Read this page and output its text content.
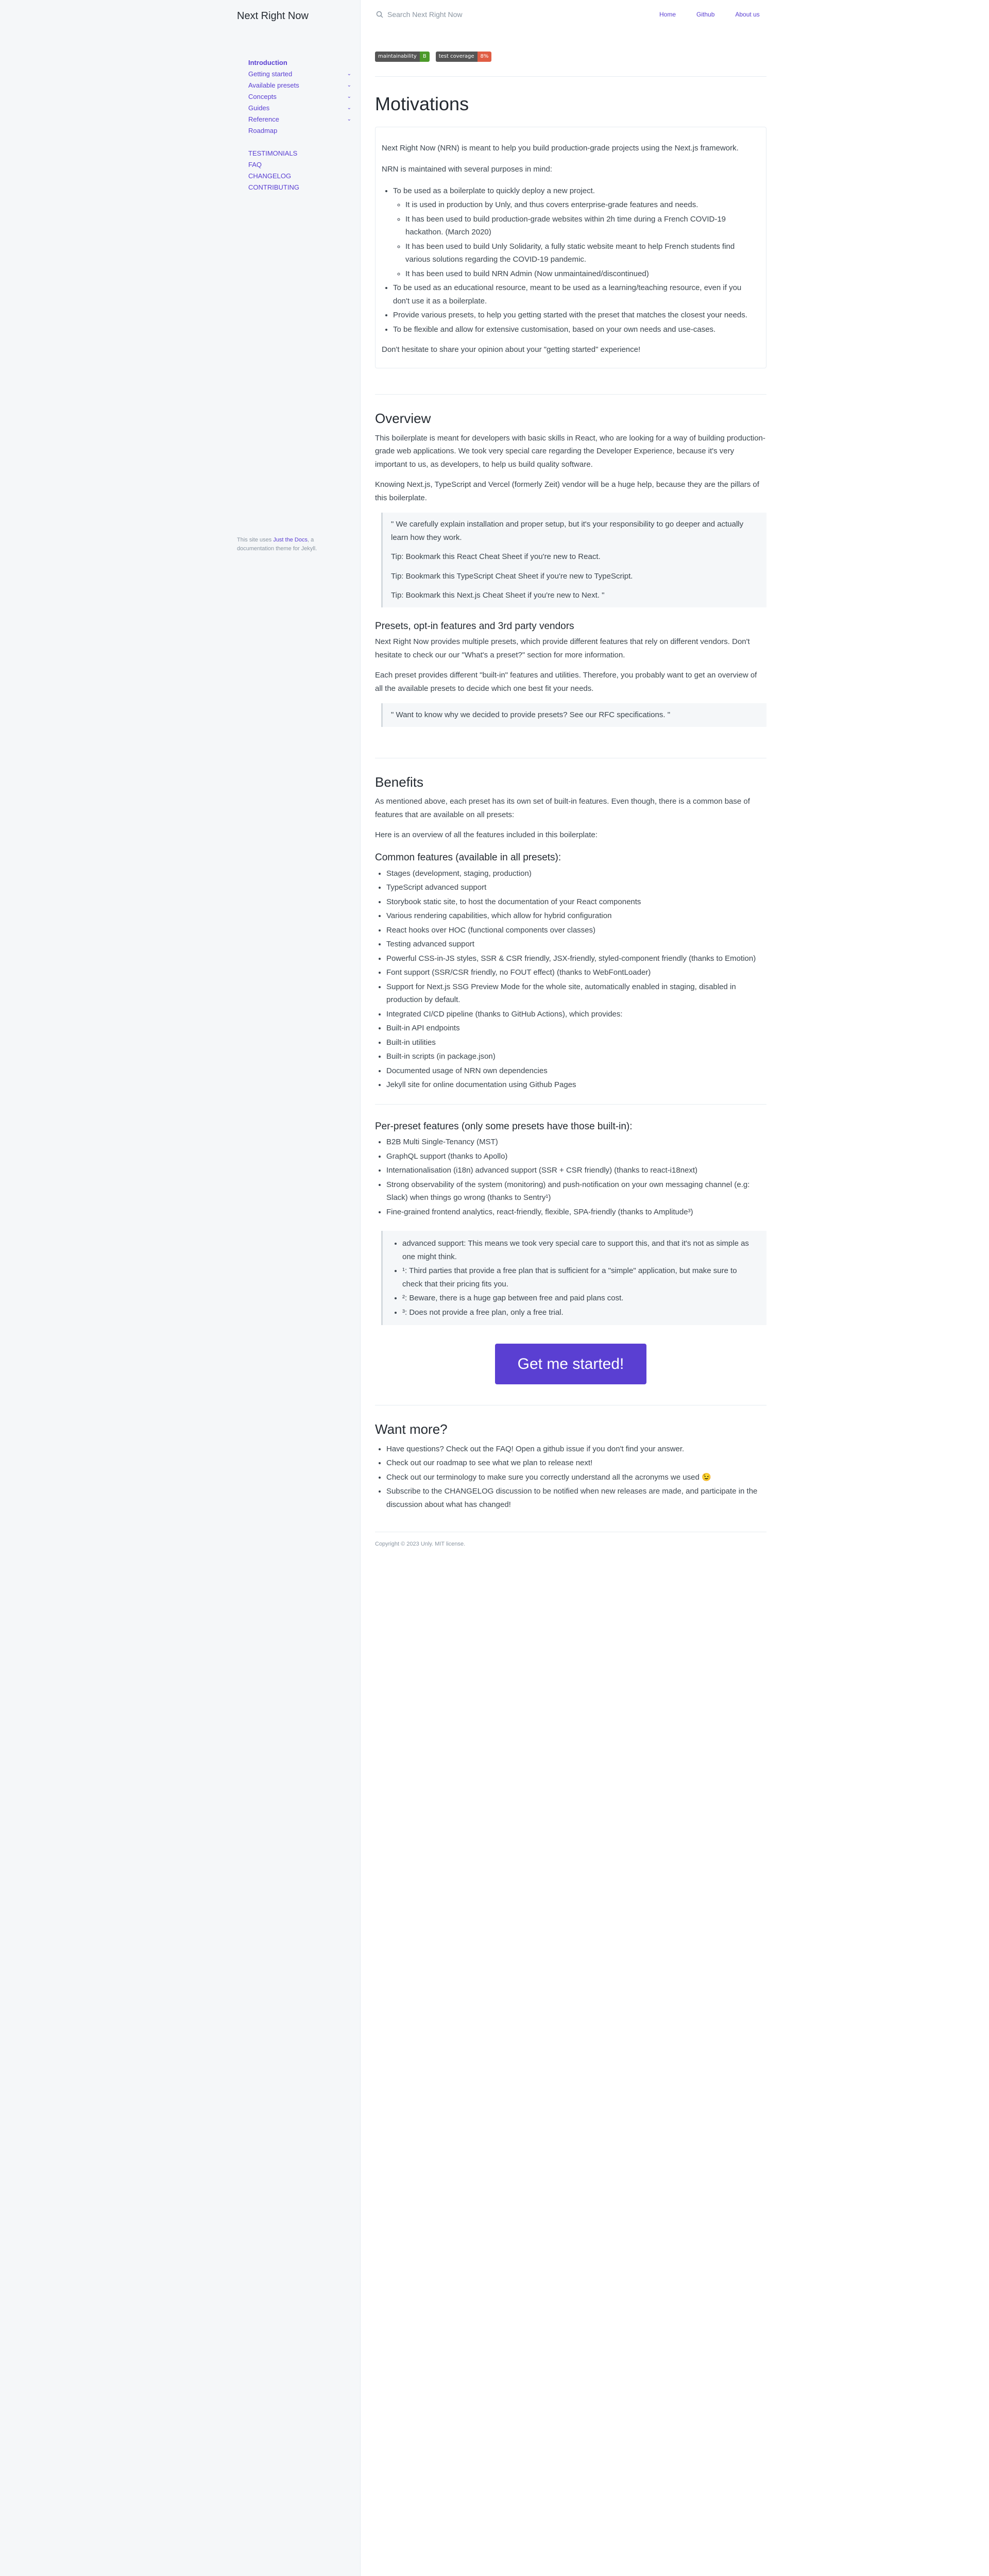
Next Right Now
Introduction
Getting started	⌄
Available presets	⌄
Concepts	⌄
Guides	⌄
Reference	⌄
Roadmap
TESTIMONIALS
FAQ
CHANGELOG
CONTRIBUTING
This site uses Just the Docs, a documentation theme for Jekyll.
Search Next Right Now
Home	Github	About us
maintainability	B	test coverage	8%
Motivations

Next Right Now (NRN) is meant to help you build production-grade projects using the Next.js framework.

NRN is maintained with several purposes in mind:

• To be used as a boilerplate to quickly deploy a new project.
◦ It is used in production by Unly, and thus covers enterprise-grade features and needs.
◦ It has been used to build production-grade websites within 2h time during a French COVID-19 hackathon. (March 2020)
◦ It has been used to build Unly Solidarity, a fully static website meant to help French students find various solutions regarding the COVID-19 pandemic.
◦ It has been used to build NRN Admin (Now unmaintained/discontinued)
• To be used as an educational resource, meant to be used as a learning/teaching resource, even if you don't use it as a boilerplate.
• Provide various presets, to help you getting started with the preset that matches the closest your needs.
• To be flexible and allow for extensive customisation, based on your own needs and use-cases.

Don't hesitate to share your opinion about your "getting started" experience!

Overview

This boilerplate is meant for developers with basic skills in React, who are looking for a way of building production-grade web applications. We took very special care regarding the Developer Experience, because it's very important to us, as developers, to help us build quality software.

Knowing Next.js, TypeScript and Vercel (formerly Zeit) vendor will be a huge help, because they are the pillars of this boilerplate.

" We carefully explain installation and proper setup, but it's your responsibility to go deeper and actually learn how they work.

Tip: Bookmark this React Cheat Sheet if you're new to React.

Tip: Bookmark this TypeScript Cheat Sheet if you're new to TypeScript.

Tip: Bookmark this Next.js Cheat Sheet if you're new to Next. "

Presets, opt-in features and 3rd party vendors

Next Right Now provides multiple presets, which provide different features that rely on different vendors. Don't hesitate to check our our "What's a preset?" section for more information.

Each preset provides different "built-in" features and utilities. Therefore, you probably want to get an overview of all the available presets to decide which one best fit your needs.

" Want to know why we decided to provide presets? See our RFC specifications. "

Benefits

As mentioned above, each preset has its own set of built-in features. Even though, there is a common base of features that are available on all presets:

Here is an overview of all the features included in this boilerplate:

Common features (available in all presets):
• Stages (development, staging, production)
• TypeScript advanced support
• Storybook static site, to host the documentation of your React components
• Various rendering capabilities, which allow for hybrid configuration
• React hooks over HOC (functional components over classes)
• Testing advanced support
• Powerful CSS-in-JS styles, SSR & CSR friendly, JSX-friendly, styled-component friendly (thanks to Emotion)
• Font support (SSR/CSR friendly, no FOUT effect) (thanks to WebFontLoader)
• Support for Next.js SSG Preview Mode for the whole site, automatically enabled in staging, disabled in production by default.
• Integrated CI/CD pipeline (thanks to GitHub Actions), which provides:
• Built-in API endpoints
• Built-in utilities
• Built-in scripts (in package.json)
• Documented usage of NRN own dependencies
• Jekyll site for online documentation using Github Pages
Per-preset features (only some presets have those built-in):
• B2B Multi Single-Tenancy (MST)
• GraphQL support (thanks to Apollo)
• Internationalisation (i18n) advanced support (SSR + CSR friendly) (thanks to react-i18next)
• Strong observability of the system (monitoring) and push-notification on your own messaging channel (e.g: Slack) when things go wrong (thanks to Sentry¹)
• Fine-grained frontend analytics, react-friendly, flexible, SPA-friendly (thanks to Amplitude³)
• advanced support: This means we took very special care to support this, and that it's not as simple as one might think.
• ¹: Third parties that provide a free plan that is sufficient for a "simple" application, but make sure to check that their pricing fits you.
• ²: Beware, there is a huge gap between free and paid plans cost.
• ³: Does not provide a free plan, only a free trial.
Get me started!
Want more?
• Have questions? Check out the FAQ! Open a github issue if you don't find your answer.
• Check out our roadmap to see what we plan to release next!
• Check out our terminology to make sure you correctly understand all the acronyms we used 😉
• Subscribe to the CHANGELOG discussion to be notified when new releases are made, and participate in the discussion about what has changed!
Copyright © 2023 Unly. MIT license.
